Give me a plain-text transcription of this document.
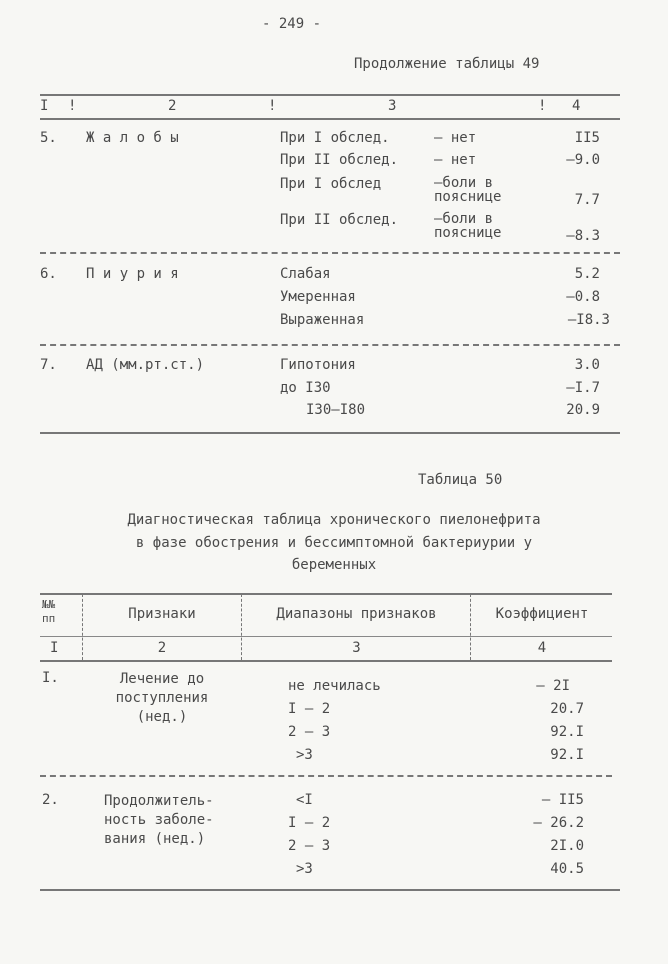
- 249 -
Продолжение таблицы 49
I !	2	!	3	! 4
5. Ж а л о б ы	При I обслед.	– нет	II5
При II обслед.	– нет	–9.0
При I обслед	–боли в
пояснице	7.7
При II обслед.	–боли в
пояснице	–8.3
6. П и у р и я	Слабая	5.2
Умеренная	–0.8
Выраженная	–I8.3
7. АД (мм.рт.ст.)	Гипотония	3.0
до I30	–I.7
I30–I80	20.9
Таблица 50
Диагностическая таблица хронического пиелонефрита
в фазе обострения и бессимптомной бактериурии у
беременных
№№
пп	Признаки	Диапазоны признаков	Коэффициент
I	2	3	4
I.	Лечение до
поступления
(нед.)
не лечилась	– 2I
I – 2	20.7
2 – 3	92.I
>3	92.I
2.	Продолжитель-
ность заболе-
вания (нед.)
<I	– II5
I – 2	– 26.2
2 – 3	2I.0
>3	40.5
